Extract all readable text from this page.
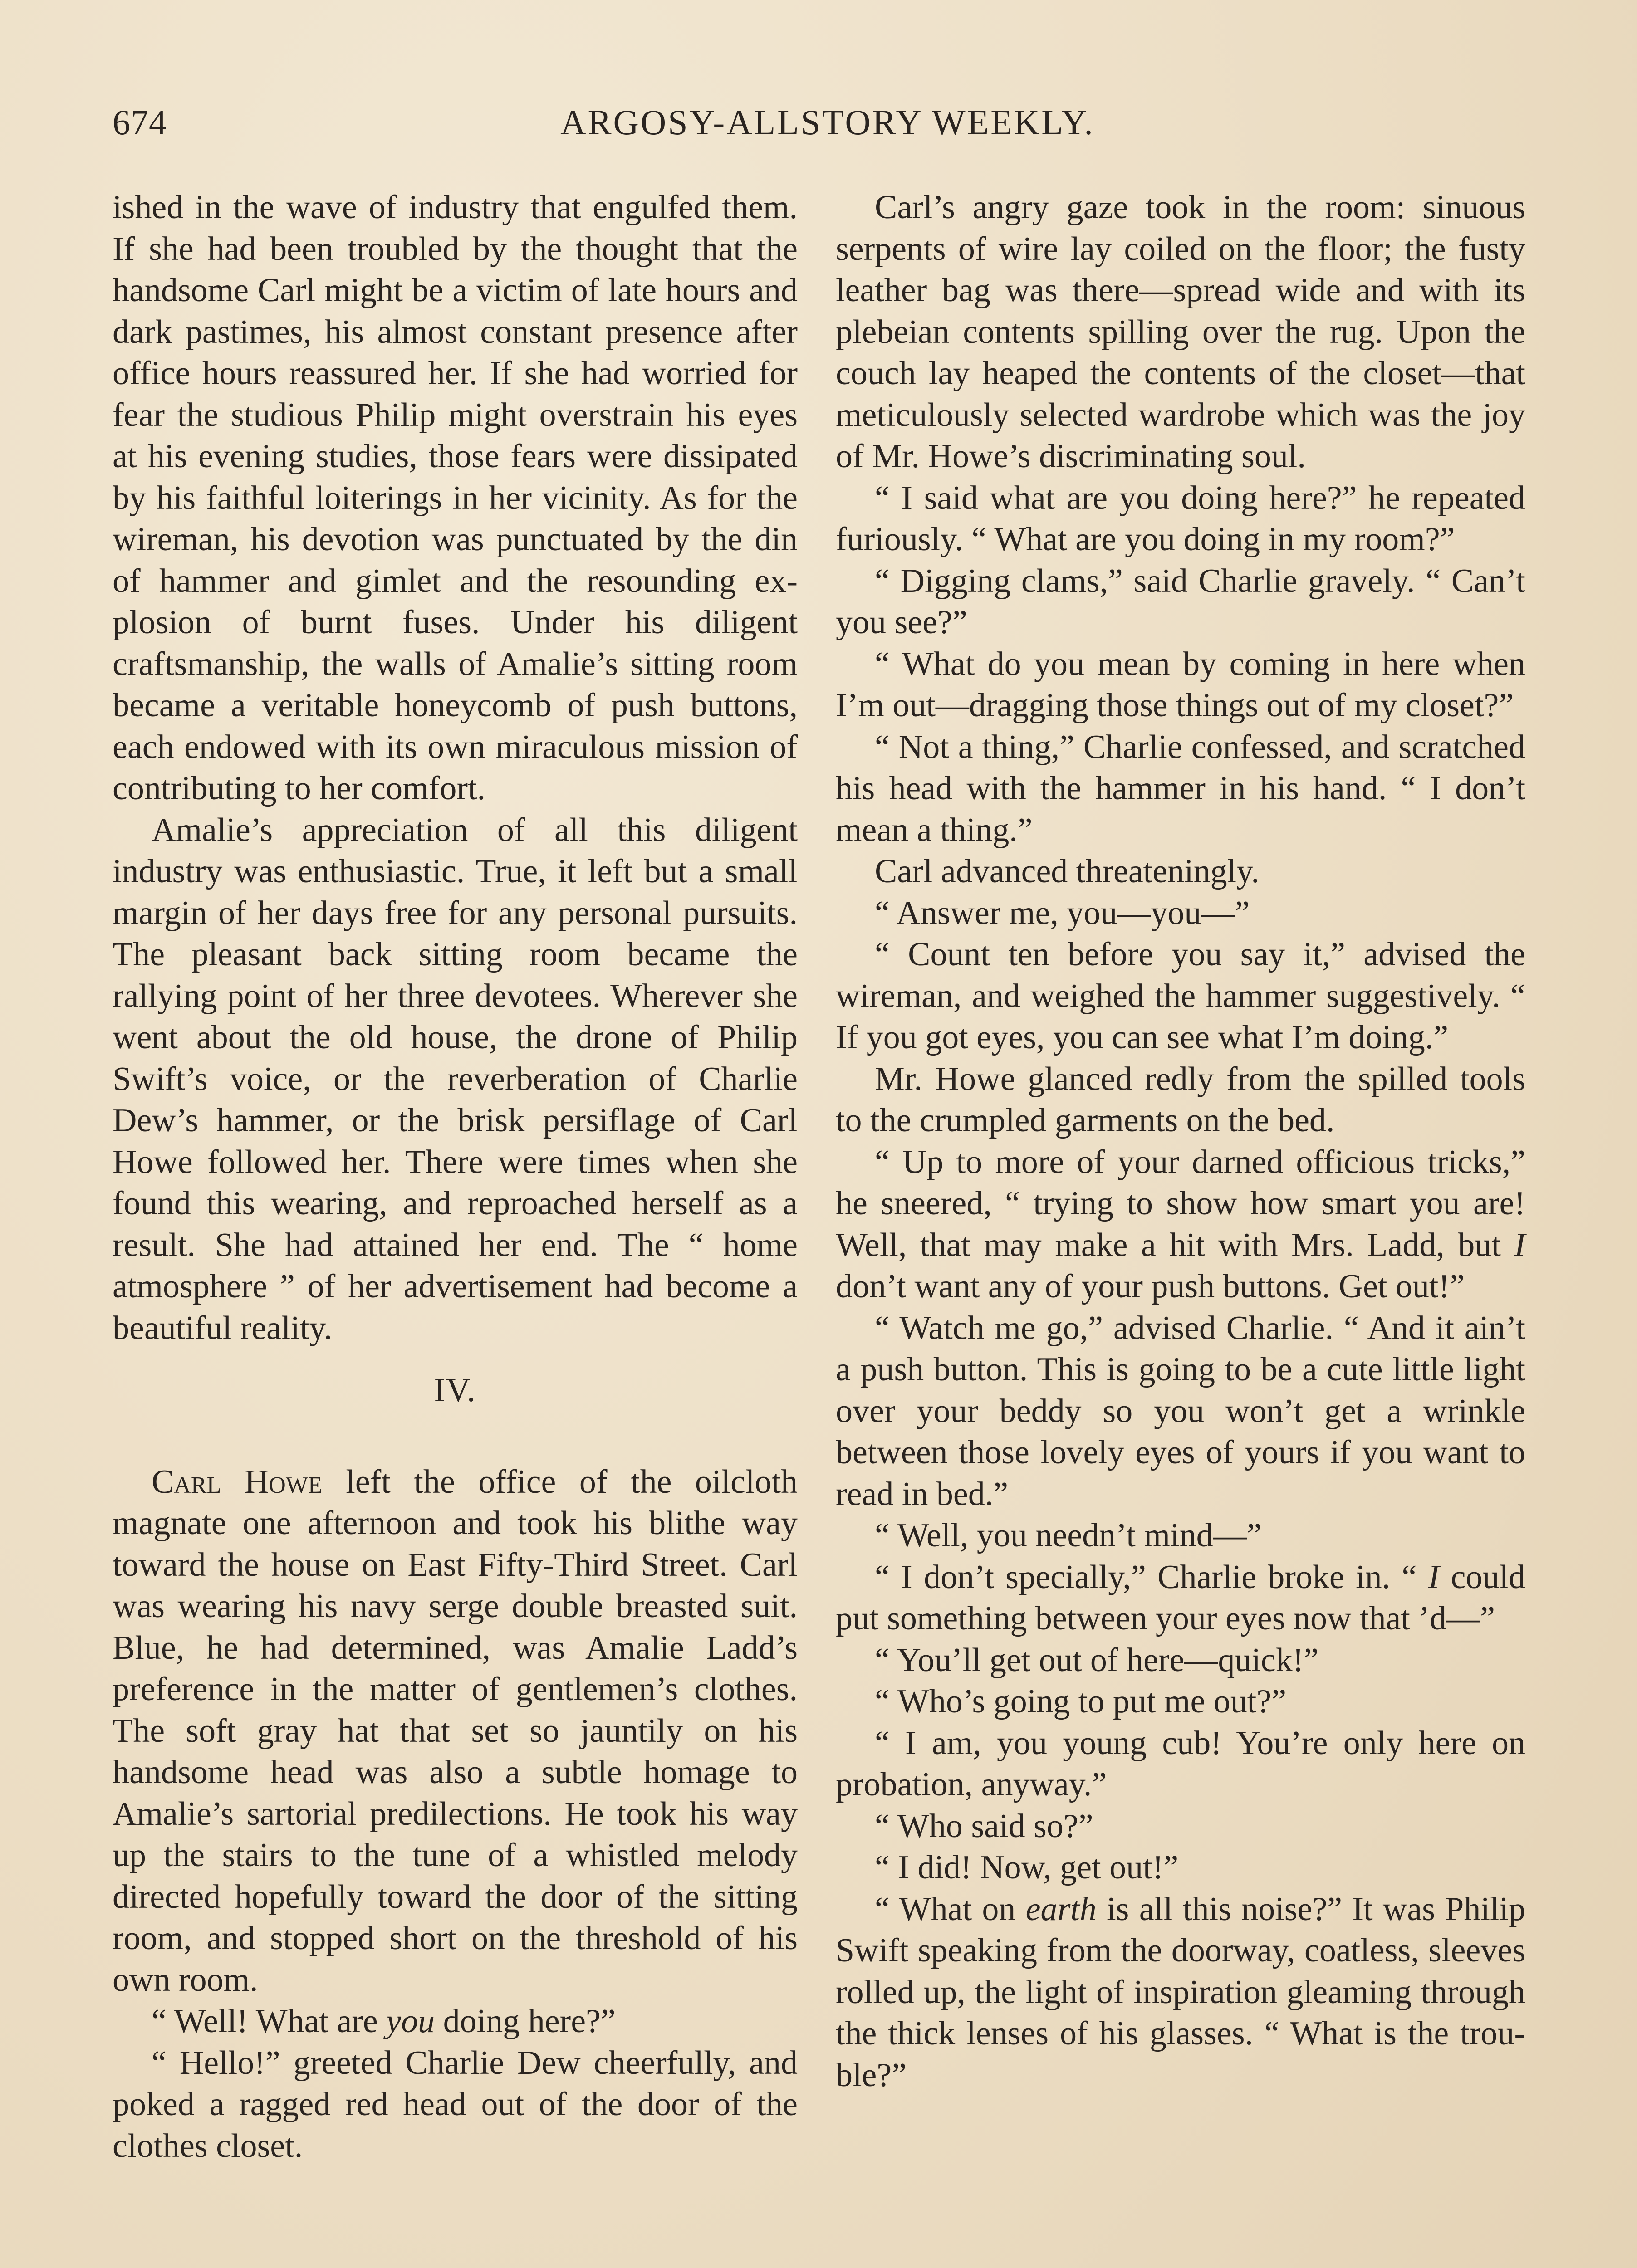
674	ARGOSY-ALLSTORY WEEKLY.

ished in the wave of industry that engulfed them. If she had been troubled by the thought that the handsome Carl might be a victim of late hours and dark pastimes, his almost constant presence after office hours reassured her. If she had worried for fear the studious Philip might overstrain his eyes at his evening studies, those fears were dissipated by his faithful loiterings in her vicinity. As for the wireman, his devotion was punctuated by the din of hammer and gimlet and the resounding explosion of burnt fuses. Under his diligent craftsmanship, the walls of Amalie’s sitting room became a veritable honeycomb of push buttons, each endowed with its own miraculous mission of contributing to her comfort.

Amalie’s appreciation of all this diligent industry was enthusiastic. True, it left but a small margin of her days free for any personal pursuits. The pleasant back sitting room became the rallying point of her three devotees. Wherever she went about the old house, the drone of Philip Swift’s voice, or the reverberation of Charlie Dew’s hammer, or the brisk persiflage of Carl Howe followed her. There were times when she found this wearing, and reproached herself as a result. She had attained her end. The “ home atmosphere ” of her advertisement had become a beautiful reality.

IV.

Carl Howe left the office of the oilcloth magnate one afternoon and took his blithe way toward the house on East Fifty-Third Street. Carl was wearing his navy serge double breasted suit. Blue, he had determined, was Amalie Ladd’s preference in the matter of gentlemen’s clothes. The soft gray hat that set so jauntily on his handsome head was also a subtle homage to Amalie’s sartorial predilections. He took his way up the stairs to the tune of a whistled melody directed hopefully toward the door of the sitting room, and stopped short on the threshold of his own room.

“ Well! What are you doing here?”

“ Hello!” greeted Charlie Dew cheerfully, and poked a ragged red head out of the door of the clothes closet.

Carl’s angry gaze took in the room: sinuous serpents of wire lay coiled on the floor; the fusty leather bag was there—spread wide and with its plebeian contents spilling over the rug. Upon the couch lay heaped the contents of the closet—that meticulously selected wardrobe which was the joy of Mr. Howe’s discriminating soul.

“ I said what are you doing here?” he repeated furiously. “ What are you doing in my room?”

“ Digging clams,” said Charlie gravely. “ Can’t you see?”

“ What do you mean by coming in here when I’m out—dragging those things out of my closet?”

“ Not a thing,” Charlie confessed, and scratched his head with the hammer in his hand. “ I don’t mean a thing.”

Carl advanced threateningly.

“ Answer me, you—you—”

“ Count ten before you say it,” advised the wireman, and weighed the hammer suggestively. “ If you got eyes, you can see what I’m doing.”

Mr. Howe glanced redly from the spilled tools to the crumpled garments on the bed.

“ Up to more of your darned officious tricks,” he sneered, “ trying to show how smart you are! Well, that may make a hit with Mrs. Ladd, but I don’t want any of your push buttons. Get out!”

“ Watch me go,” advised Charlie. “ And it ain’t a push button. This is going to be a cute little light over your beddy so you won’t get a wrinkle between those lovely eyes of yours if you want to read in bed.”

“ Well, you needn’t mind—”

“ I don’t specially,” Charlie broke in. “ I could put something between your eyes now that ’d—”

“ You’ll get out of here—quick!”

“ Who’s going to put me out?”

“ I am, you young cub! You’re only here on probation, anyway.”

“ Who said so?”

“ I did! Now, get out!”

“ What on earth is all this noise?” It was Philip Swift speaking from the doorway, coatless, sleeves rolled up, the light of inspiration gleaming through the thick lenses of his glasses. “ What is the trouble?”
